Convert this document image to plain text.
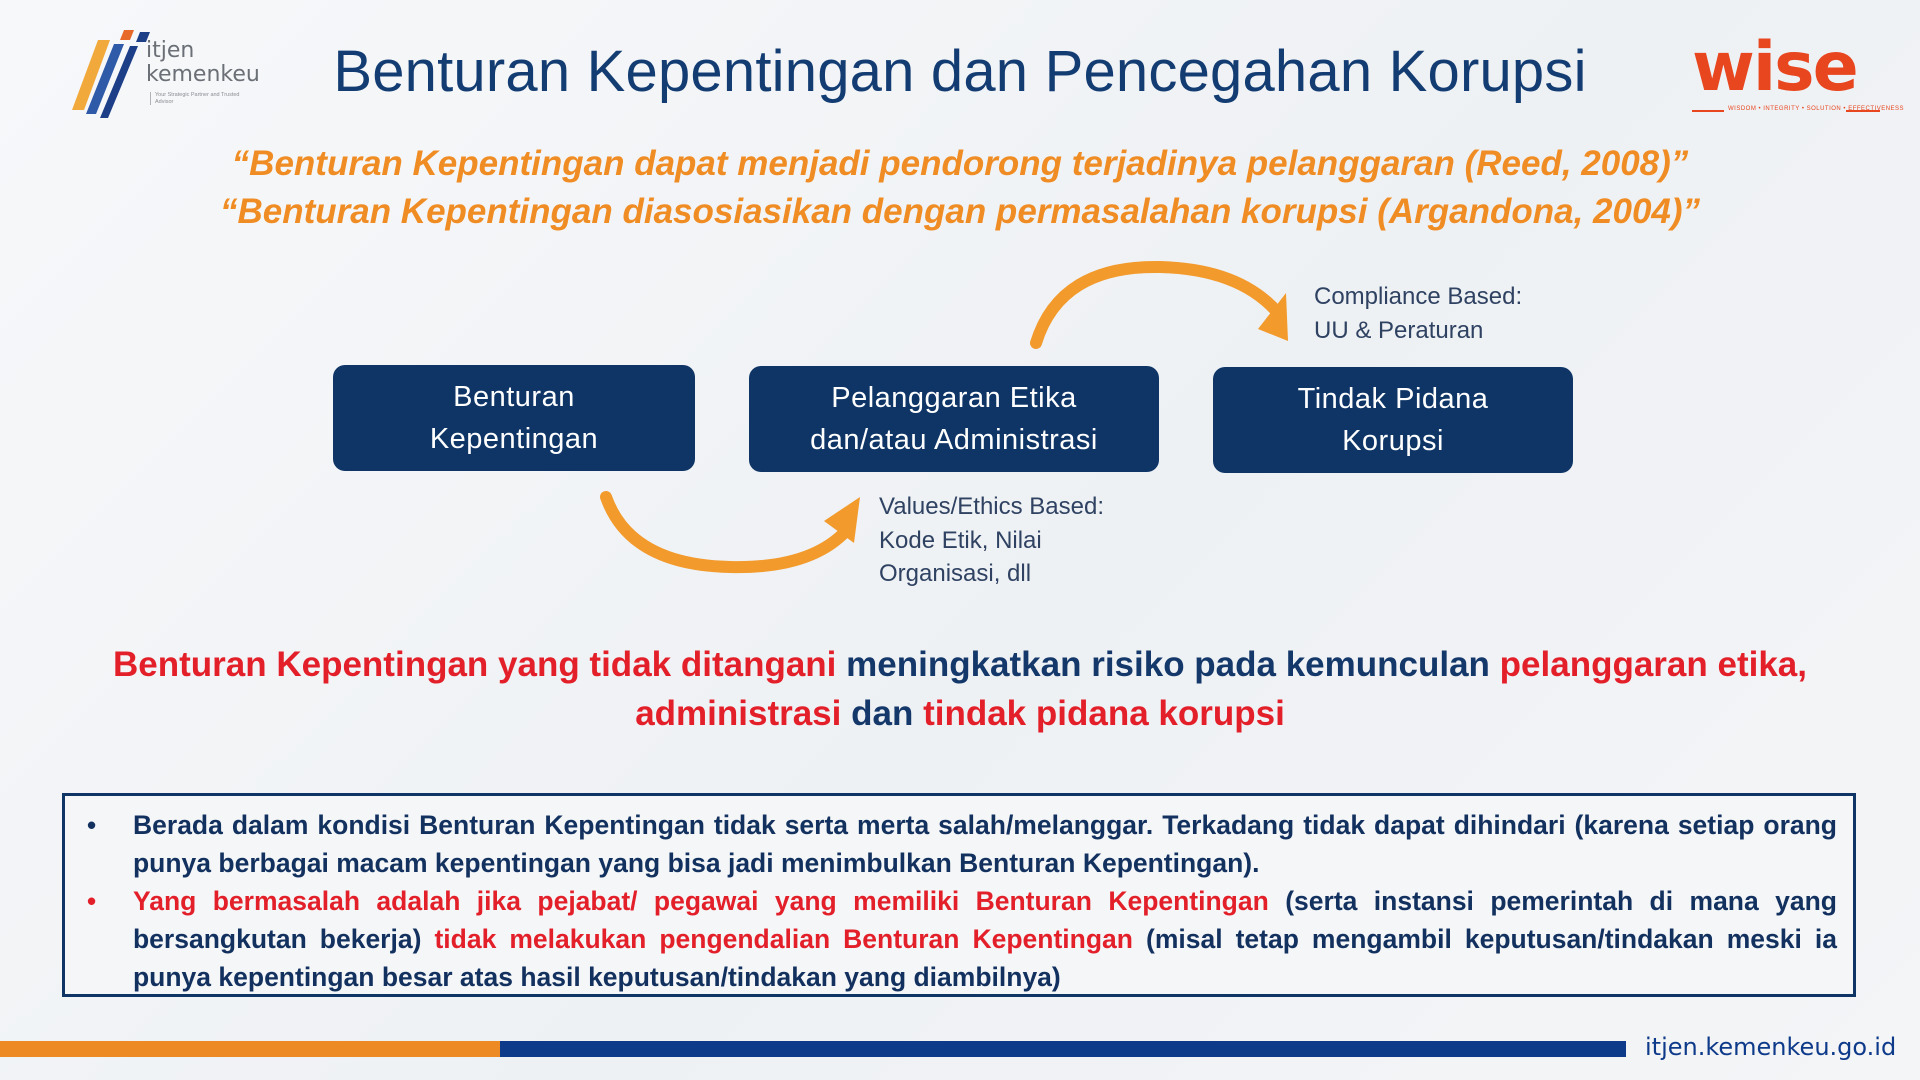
itjen
kemenkeu
Your Strategic Partner and Trusted Advisor	Benturan Kepentingan dan Pencegahan Korupsi	wise
WISDOM • INTEGRITY • SOLUTION • EFFECTIVENESS
“Benturan Kepentingan dapat menjadi pendorong terjadinya pelanggaran (Reed, 2008)”
“Benturan Kepentingan diasosiasikan dengan permasalahan korupsi (Argandona, 2004)”
Benturan
Kepentingan
Pelanggaran Etika
dan/atau Administrasi
Tindak Pidana
Korupsi
Compliance Based:
UU & Peraturan
Values/Ethics Based:
Kode Etik, Nilai
Organisasi, dll
Benturan Kepentingan yang tidak ditangani meningkatkan risiko pada kemunculan pelanggaran etika,
administrasi dan tindak pidana korupsi
• Berada dalam kondisi Benturan Kepentingan tidak serta merta salah/melanggar. Terkadang tidak dapat dihindari (karena setiap orang punya berbagai macam kepentingan yang bisa jadi menimbulkan Benturan Kepentingan).
• Yang bermasalah adalah jika pejabat/ pegawai yang memiliki Benturan Kepentingan (serta instansi pemerintah di mana yang bersangkutan bekerja) tidak melakukan pengendalian Benturan Kepentingan (misal tetap mengambil keputusan/tindakan meski ia punya kepentingan besar atas hasil keputusan/tindakan yang diambilnya)
itjen.kemenkeu.go.id
